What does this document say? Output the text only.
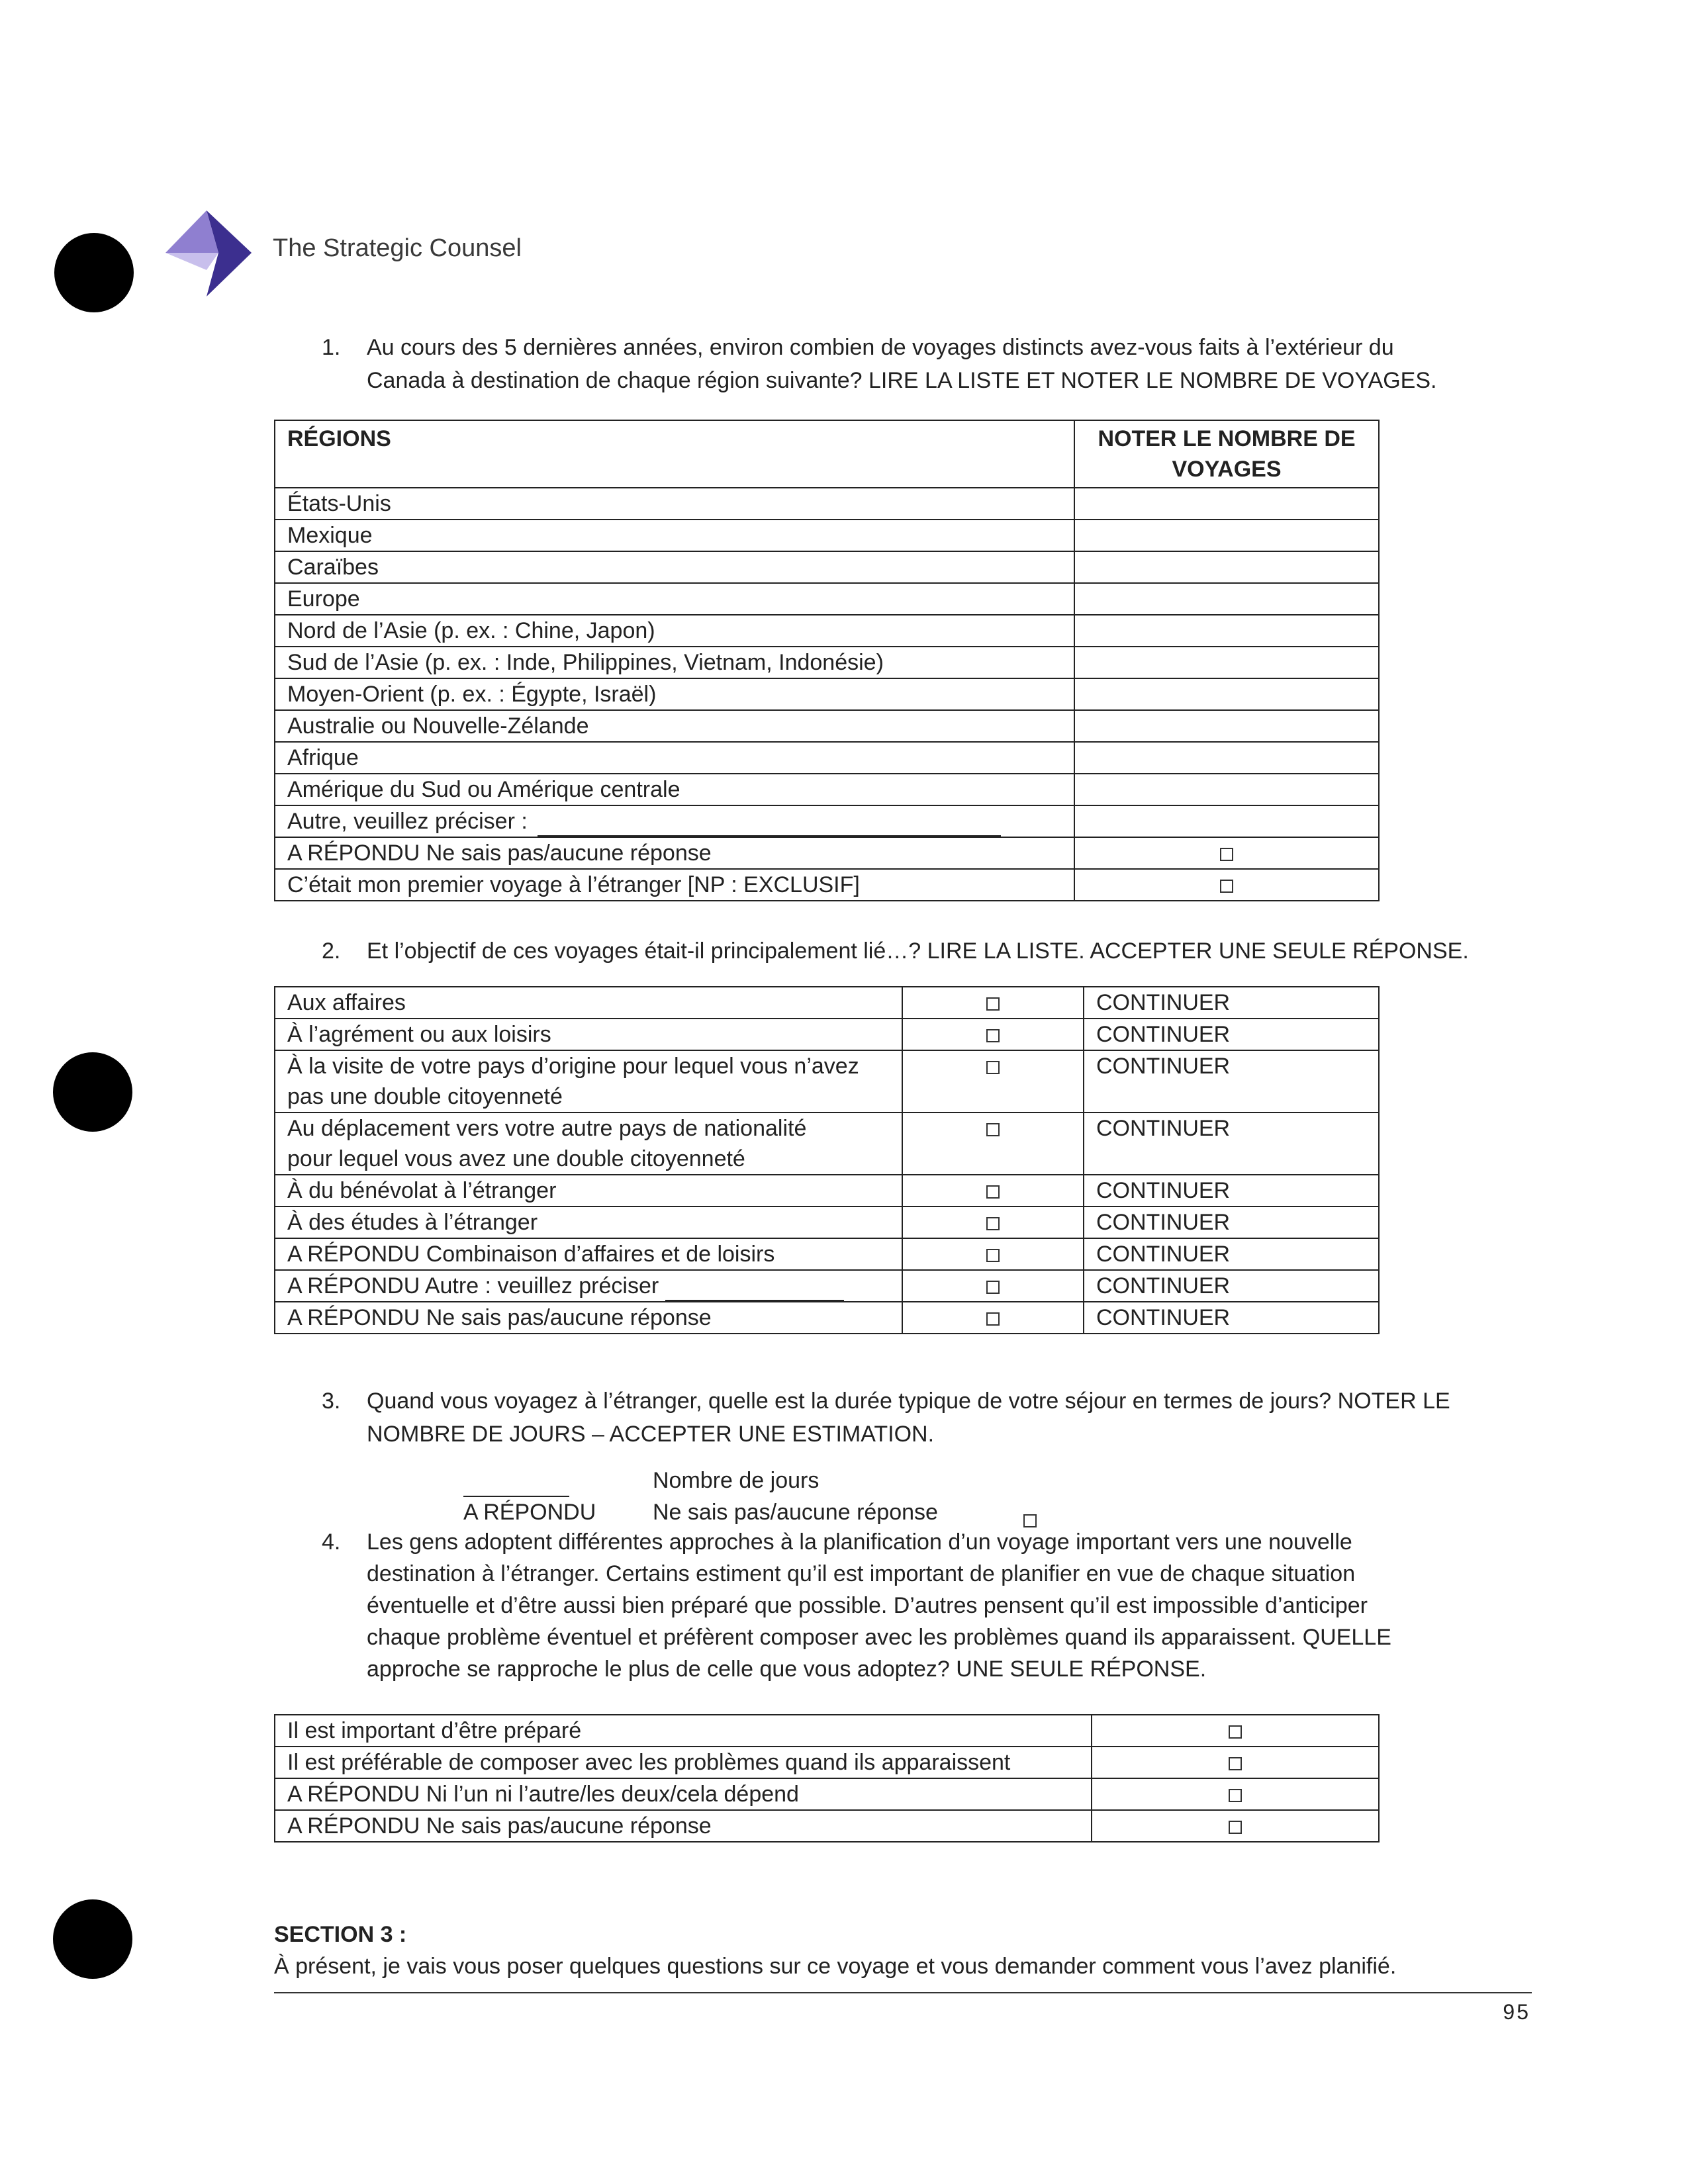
The Strategic Counsel
1.	Au cours des 5 dernières années, environ combien de voyages distincts avez-vous faits à l’extérieur du
Canada à destination de chaque région suivante? LIRE LA LISTE ET NOTER LE NOMBRE DE VOYAGES.
RÉGIONS	NOTER LE NOMBRE DE
VOYAGES

États-Unis	
Mexique	
Caraïbes	
Europe	
Nord de l’Asie (p. ex. : Chine, Japon)	
Sud de l’Asie (p. ex. : Inde, Philippines, Vietnam, Indonésie)	
Moyen-Orient (p. ex. : Égypte, Israël)	
Australie ou Nouvelle-Zélande	
Afrique	
Amérique du Sud ou Amérique centrale	
Autre, veuillez préciser :	
A RÉPONDU Ne sais pas/aucune réponse	
C’était mon premier voyage à l’étranger [NP : EXCLUSIF]	
2.	Et l’objectif de ces voyages était-il principalement lié…? LIRE LA LISTE. ACCEPTER UNE SEULE RÉPONSE.
Aux affaires		CONTINUER
À l’agrément ou aux loisirs		CONTINUER

À la visite de votre pays d’origine pour lequel vous n’avez
pas une double citoyenneté		CONTINUER

Au déplacement vers votre autre pays de nationalité
pour lequel vous avez une double citoyenneté		CONTINUER
À du bénévolat à l’étranger		CONTINUER
À des études à l’étranger		CONTINUER
A RÉPONDU Combinaison d’affaires et de loisirs		CONTINUER
A RÉPONDU Autre : veuillez préciser		CONTINUER
A RÉPONDU Ne sais pas/aucune réponse		CONTINUER
3.	Quand vous voyagez à l’étranger, quelle est la durée typique de votre séjour en termes de jours? NOTER LE
NOMBRE DE JOURS – ACCEPTER UNE ESTIMATION.
Nombre de jours
A RÉPONDU	Ne sais pas/aucune réponse
4.	Les gens adoptent différentes approches à la planification d’un voyage important vers une nouvelle
destination à l’étranger. Certains estiment qu’il est important de planifier en vue de chaque situation
éventuelle et d’être aussi bien préparé que possible. D’autres pensent qu’il est impossible d’anticiper
chaque problème éventuel et préfèrent composer avec les problèmes quand ils apparaissent. QUELLE
approche se rapproche le plus de celle que vous adoptez? UNE SEULE RÉPONSE.
Il est important d’être préparé	
Il est préférable de composer avec les problèmes quand ils apparaissent	
A RÉPONDU Ni l’un ni l’autre/les deux/cela dépend	
A RÉPONDU Ne sais pas/aucune réponse	
SECTION 3 :
À présent, je vais vous poser quelques questions sur ce voyage et vous demander comment vous l’avez planifié.
95
